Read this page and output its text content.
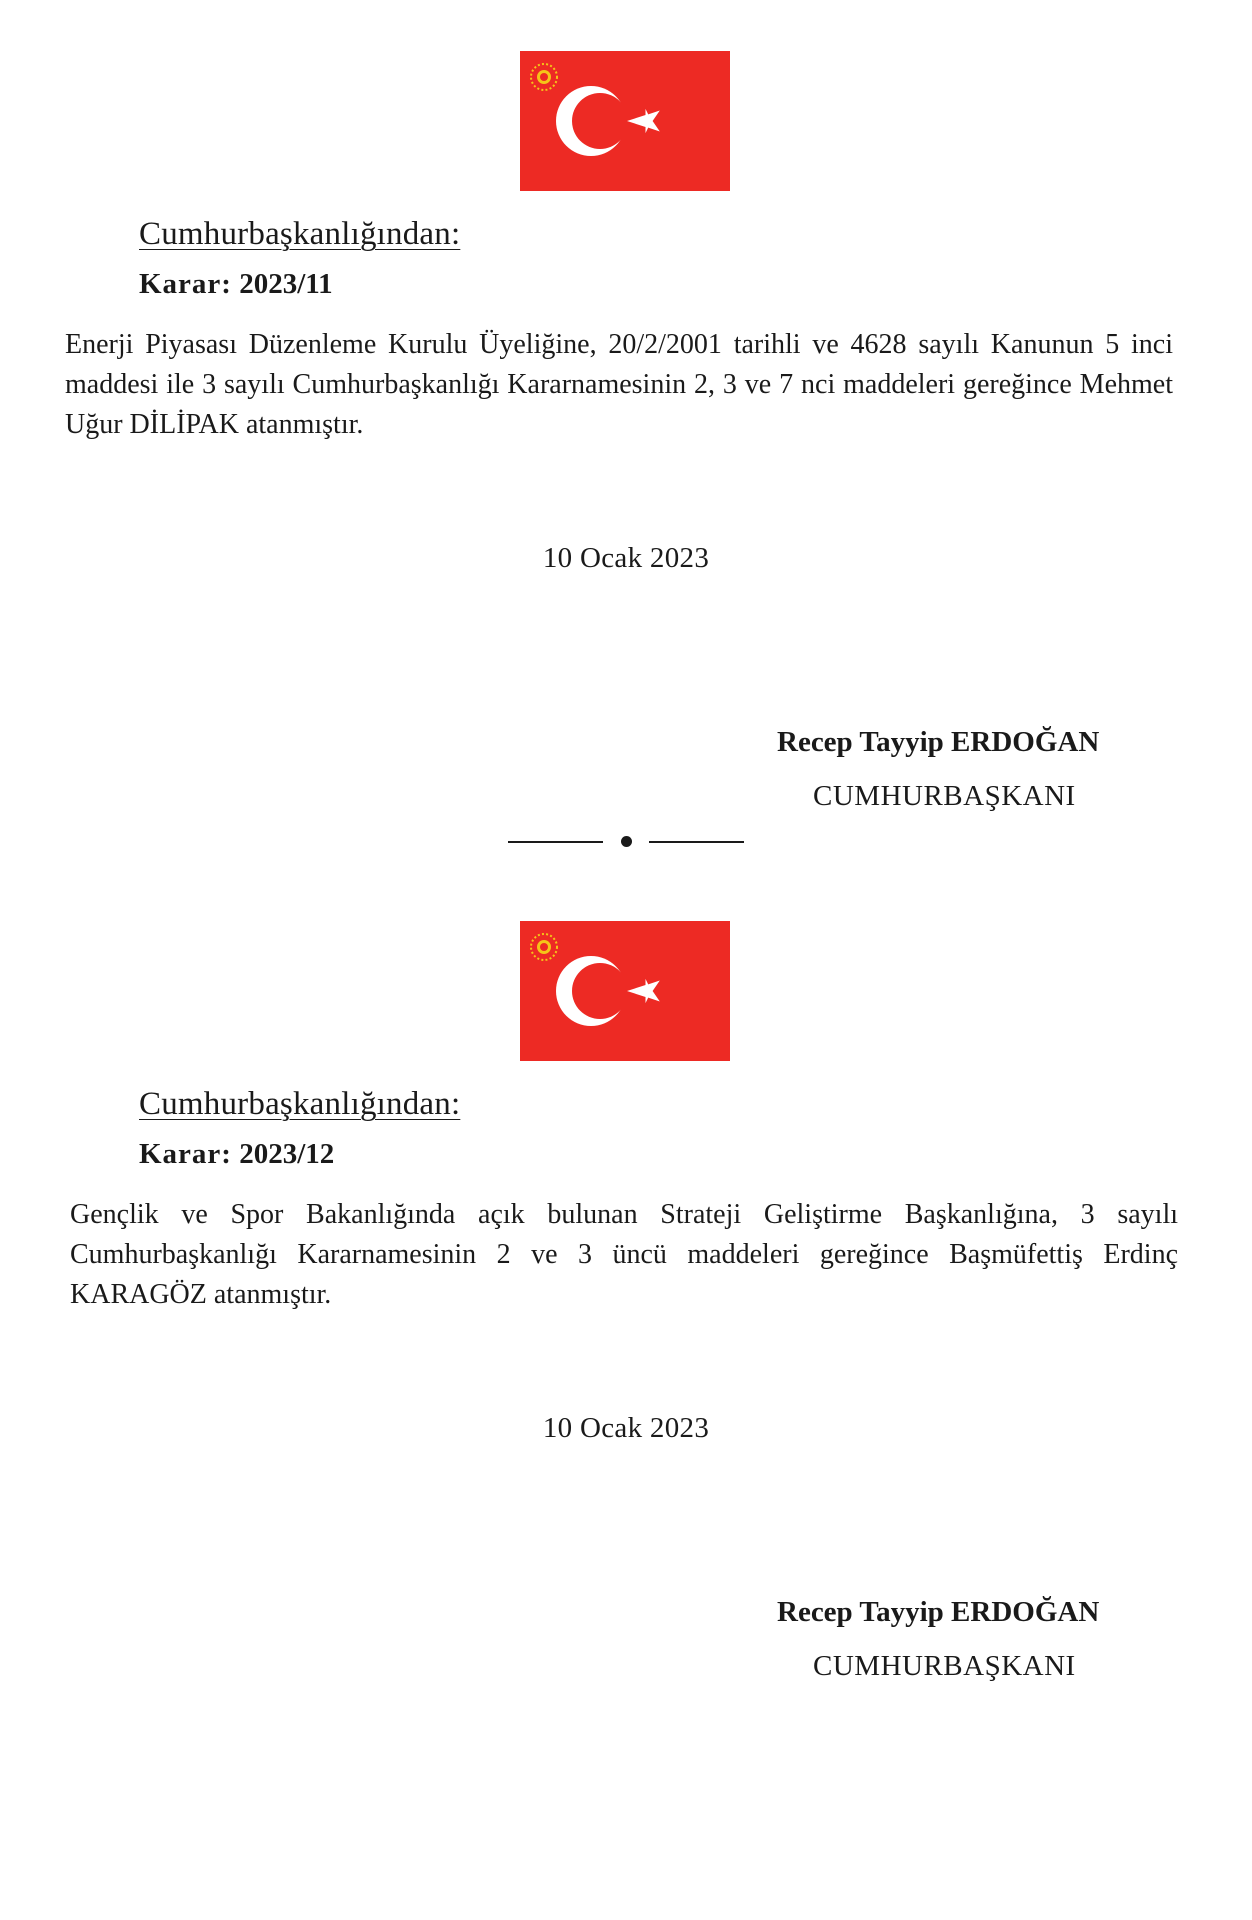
Cumhurbaşkanlığından:
Karar: 2023/11
Enerji Piyasası Düzenleme Kurulu Üyeliğine, 20/2/2001 tarihli ve 4628 sayılı Kanunun 5 inci maddesi ile 3 sayılı Cumhurbaşkanlığı Kararnamesinin 2, 3 ve 7 nci maddeleri gereğince Mehmet Uğur DİLİPAK atanmıştır.
10 Ocak 2023
Recep Tayyip ERDOĞAN
CUMHURBAŞKANI
Cumhurbaşkanlığından:
Karar: 2023/12
Gençlik ve Spor Bakanlığında açık bulunan Strateji Geliştirme Başkanlığına, 3 sayılı Cumhurbaşkanlığı Kararnamesinin 2 ve 3 üncü maddeleri gereğince Başmüfettiş Erdinç KARAGÖZ atanmıştır.
10 Ocak 2023
Recep Tayyip ERDOĞAN
CUMHURBAŞKANI
